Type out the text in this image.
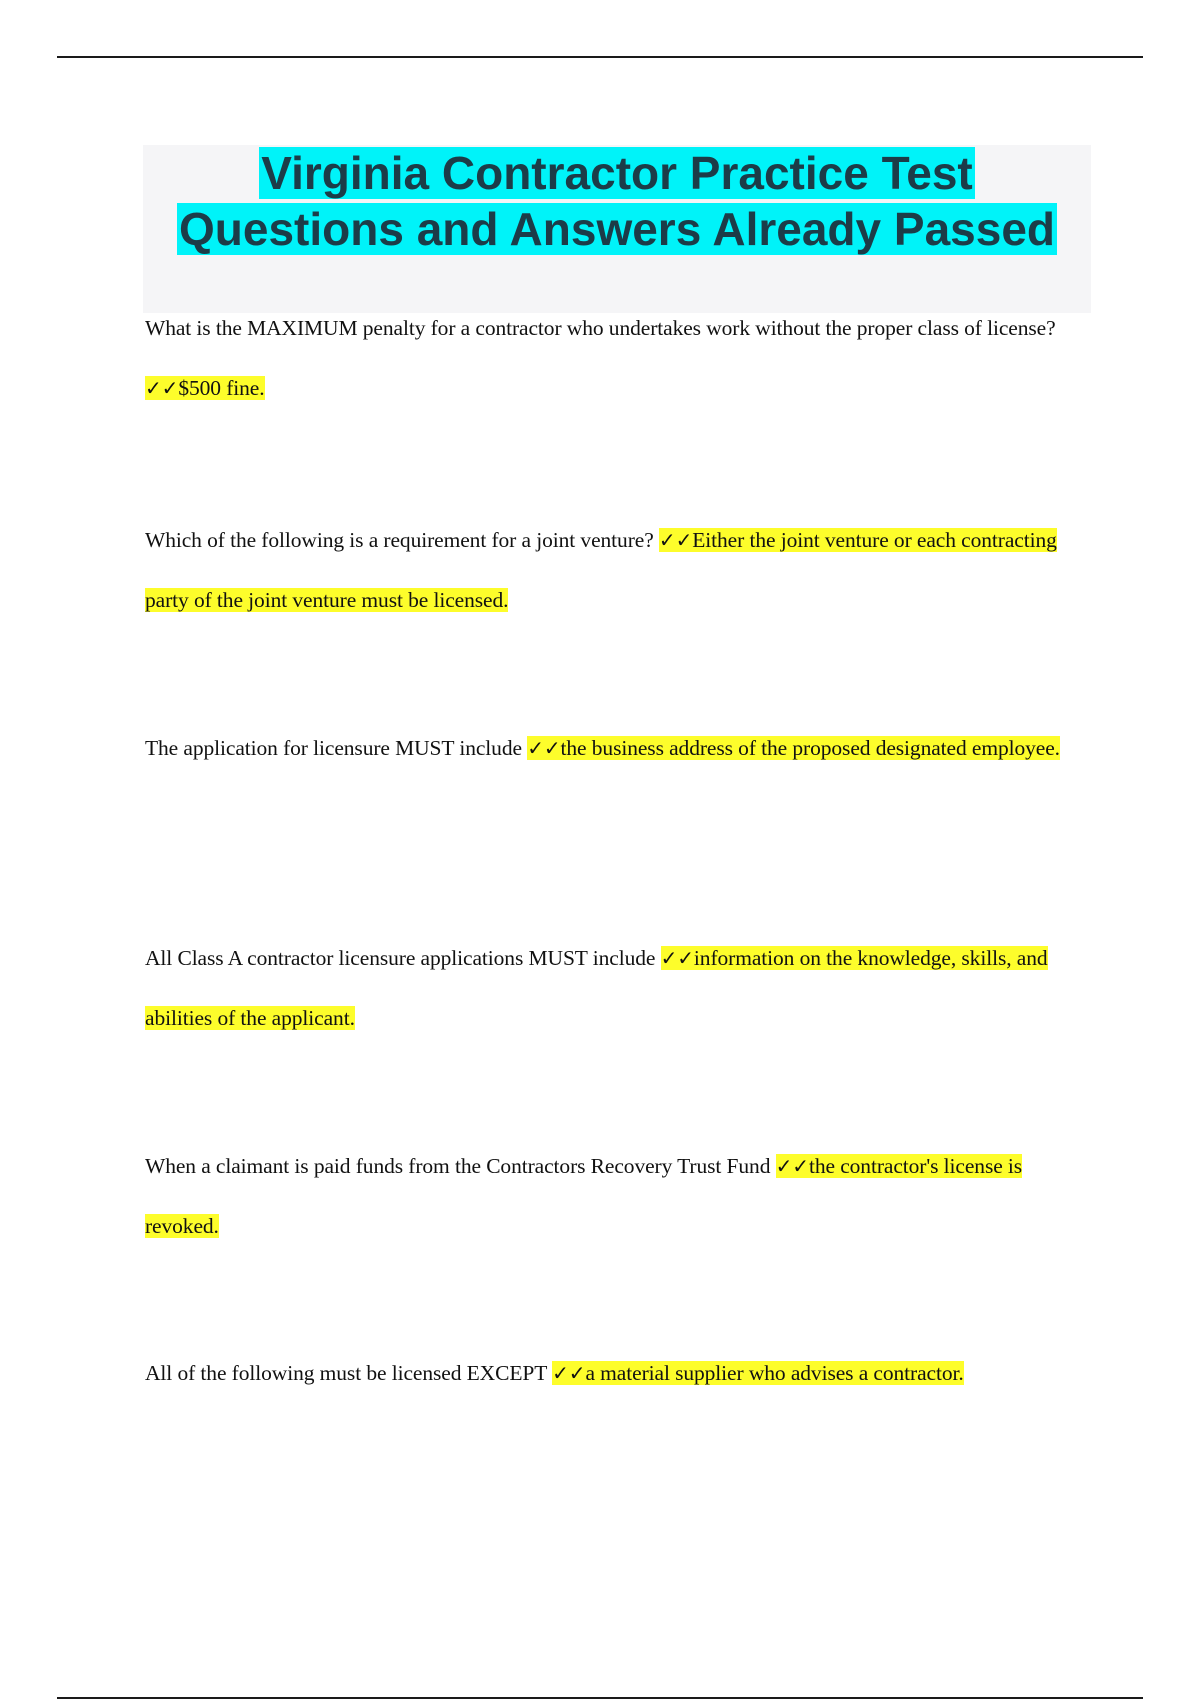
Virginia Contractor Practice Test
Questions and Answers Already Passed
What is the MAXIMUM penalty for a contractor who undertakes work without the proper class of license? ✓✓$500 fine.
Which of the following is a requirement for a joint venture? ✓✓Either the joint venture or each contracting party of the joint venture must be licensed.
The application for licensure MUST include ✓✓the business address of the proposed designated employee.
All Class A contractor licensure applications MUST include ✓✓information on the knowledge, skills, and abilities of the applicant.
When a claimant is paid funds from the Contractors Recovery Trust Fund ✓✓the contractor's license is revoked.
All of the following must be licensed EXCEPT ✓✓a material supplier who advises a contractor.
